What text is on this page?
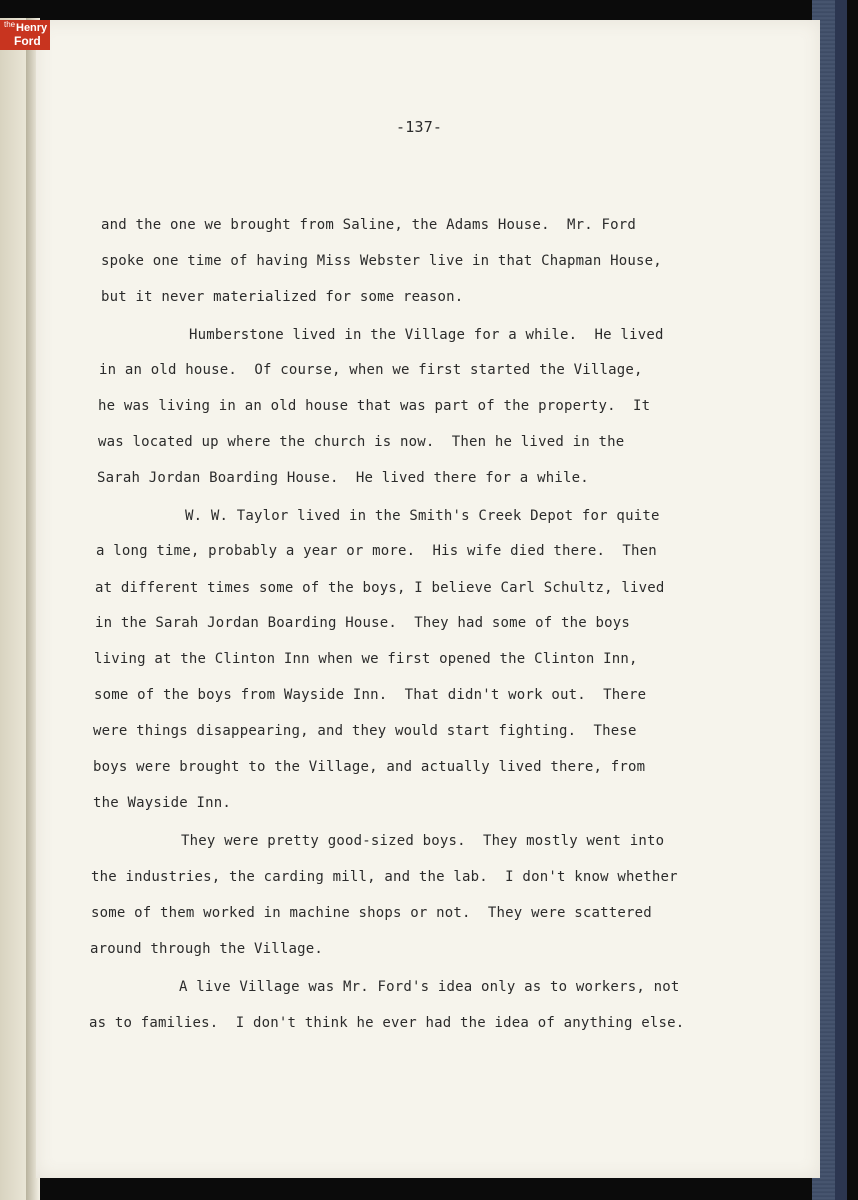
the Henry
Ford
-137-
and the one we brought from Saline, the Adams House.  Mr. Ford
spoke one time of having Miss Webster live in that Chapman House,
but it never materialized for some reason.
Humberstone lived in the Village for a while.  He lived
in an old house.  Of course, when we first started the Village,
he was living in an old house that was part of the property.  It
was located up where the church is now.  Then he lived in the
Sarah Jordan Boarding House.  He lived there for a while.
W. W. Taylor lived in the Smith's Creek Depot for quite
a long time, probably a year or more.  His wife died there.  Then
at different times some of the boys, I believe Carl Schultz, lived
in the Sarah Jordan Boarding House.  They had some of the boys
living at the Clinton Inn when we first opened the Clinton Inn,
some of the boys from Wayside Inn.  That didn't work out.  There
were things disappearing, and they would start fighting.  These
boys were brought to the Village, and actually lived there, from
the Wayside Inn.
They were pretty good-sized boys.  They mostly went into
the industries, the carding mill, and the lab.  I don't know whether
some of them worked in machine shops or not.  They were scattered
around through the Village.
A live Village was Mr. Ford's idea only as to workers, not
as to families.  I don't think he ever had the idea of anything else.
